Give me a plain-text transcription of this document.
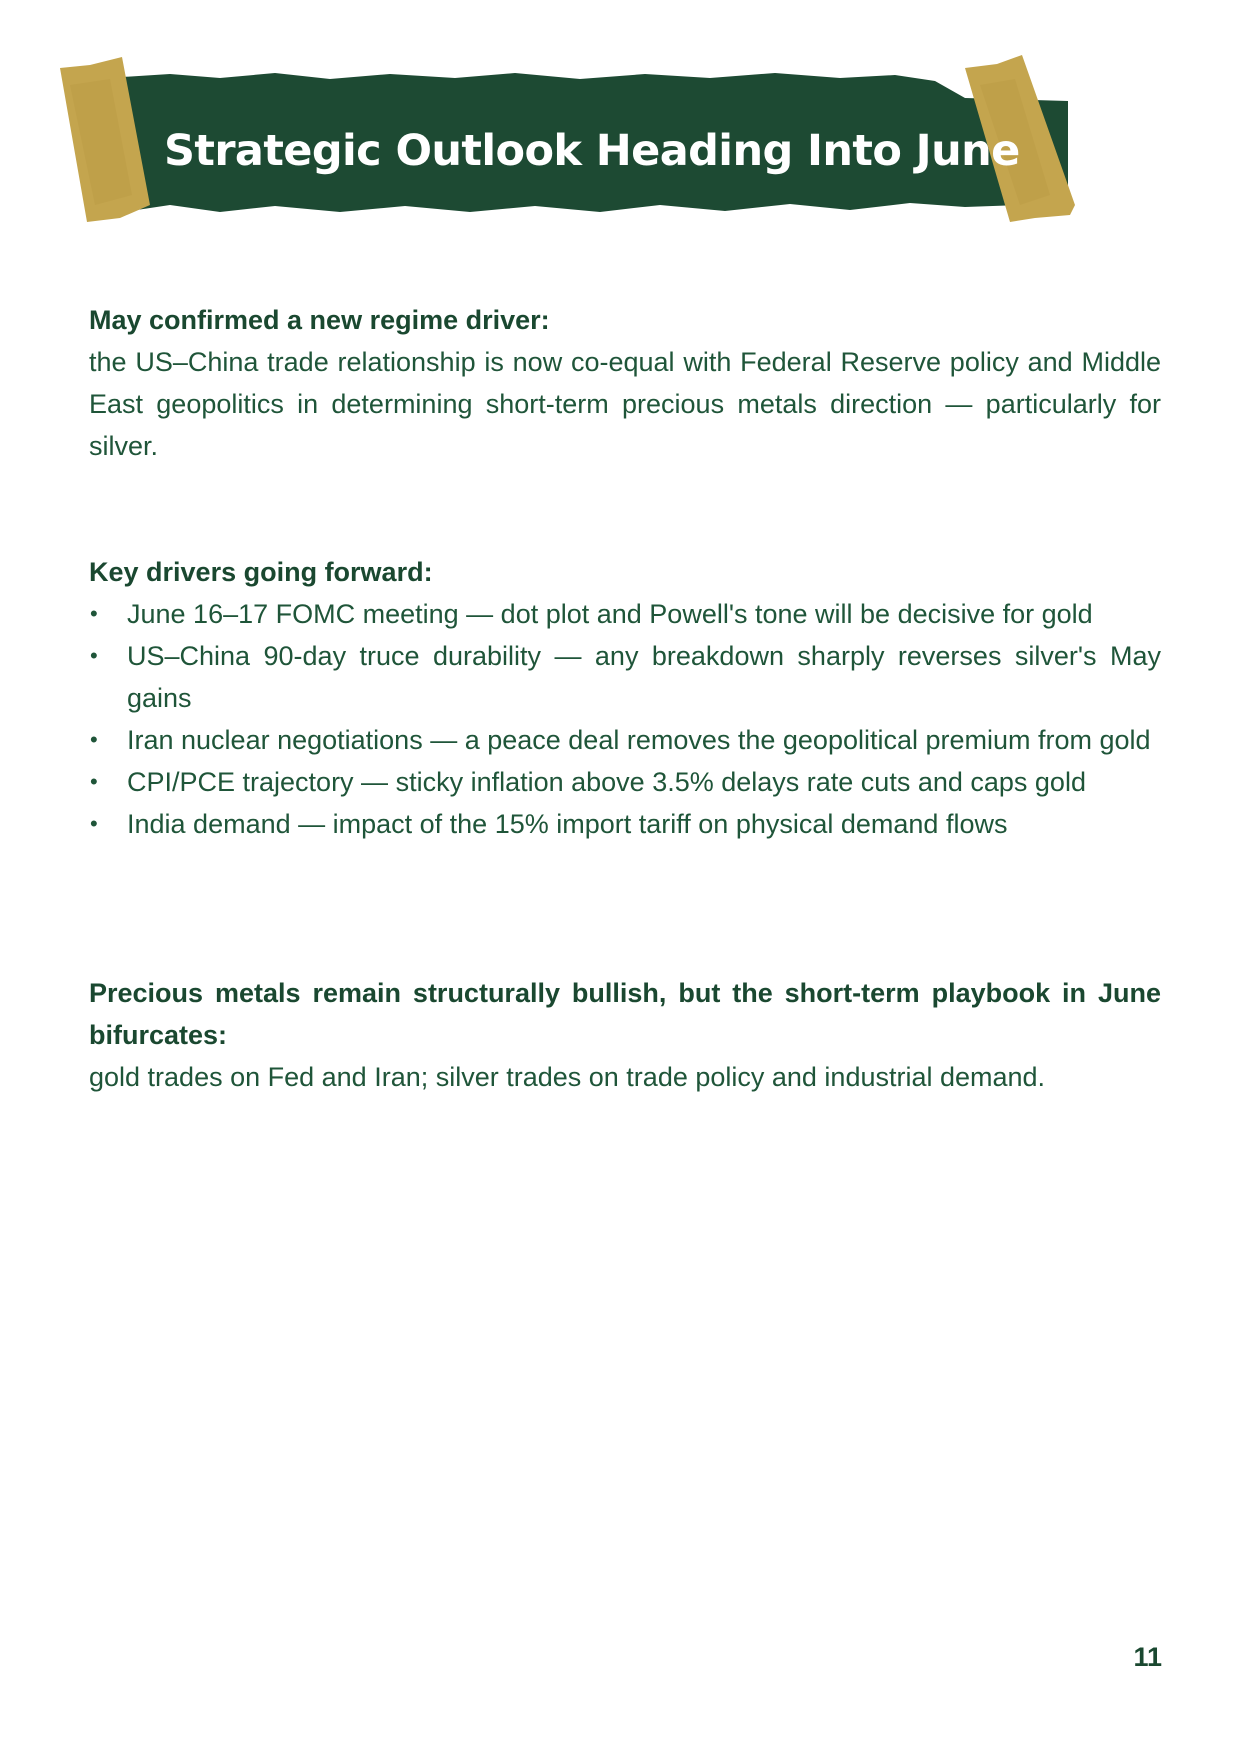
Strategic Outlook Heading Into June

May confirmed a new regime driver:

the US–China trade relationship is now co-equal with Federal Reserve policy and Middle East geopolitics in determining short-term precious metals direction — particularly for silver.

Key drivers going forward:

• June 16–17 FOMC meeting — dot plot and Powell's tone will be decisive for gold
• US–China 90-day truce durability — any breakdown sharply reverses silver's May gains
• Iran nuclear negotiations — a peace deal removes the geopolitical premium from gold
• CPI/PCE trajectory — sticky inflation above 3.5% delays rate cuts and caps gold
• India demand — impact of the 15% import tariff on physical demand flows

Precious metals remain structurally bullish, but the short-term playbook in June bifurcates:

gold trades on Fed and Iran; silver trades on trade policy and industrial demand.

11
